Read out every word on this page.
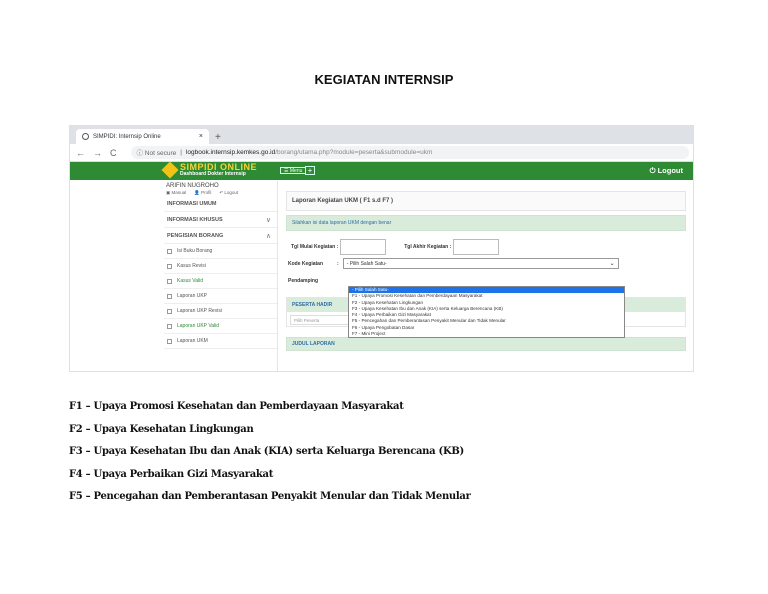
KEGIATAN INTERNSIP
SIMPIDI: Internsip Online	× +
← → C	ⓘ Not secure | logbook.internsip.kemkes.go.id /borang/utama.php?module=peserta&submodule=ukm
SIMPIDI ONLINE
Dashboard Dokter Internsip	☰ Menu +	⏻ Logout
ARIFIN NUGROHO
▣ Manual 👤 Profil ↶ Logout
INFORMASI UMUM
INFORMASI KHUSUS	∨
PENGISIAN BORANG	∧
Isi Buku Borang
Kasus Revisi
Kasus Valid
Laporan UKP
Laporan UKP Revisi
Laporan UKP Valid
Laporan UKM
Laporan Kegiatan UKM ( F1 s.d F7 )
Silahkan isi data laporan UKM dengan benar
Tgl Mulai Kegiatan :	Tgl Akhir Kegiatan :
Kode Kegiatan	: - Pilih Salah Satu-	⌄
Pendamping
PESERTA HADIR
Pilih Peserta
JUDUL LAPORAN
- Pilih Salah Satu-
F1 - Upaya Promosi Kesehatan dan Pemberdayaan Masyarakat
F2 - Upaya Kesehatan Lingkungan
F3 - Upaya Kesehatan Ibu dan Anak (KIA) serta Keluarga Berencana (KB)
F4 - Upaya Perbaikan Gizi Masyarakat
F5 - Pencegahan dan Pemberantasan Penyakit Menular dan Tidak Menular
F6 - Upaya Pengobatan Dasar
F7 - Mini Project
F1 – Upaya Promosi Kesehatan dan Pemberdayaan Masyarakat
F2 – Upaya Kesehatan Lingkungan
F3 – Upaya Kesehatan Ibu dan Anak (KIA) serta Keluarga Berencana (KB)
F4 – Upaya Perbaikan Gizi Masyarakat
F5 – Pencegahan dan Pemberantasan Penyakit Menular dan Tidak Menular
